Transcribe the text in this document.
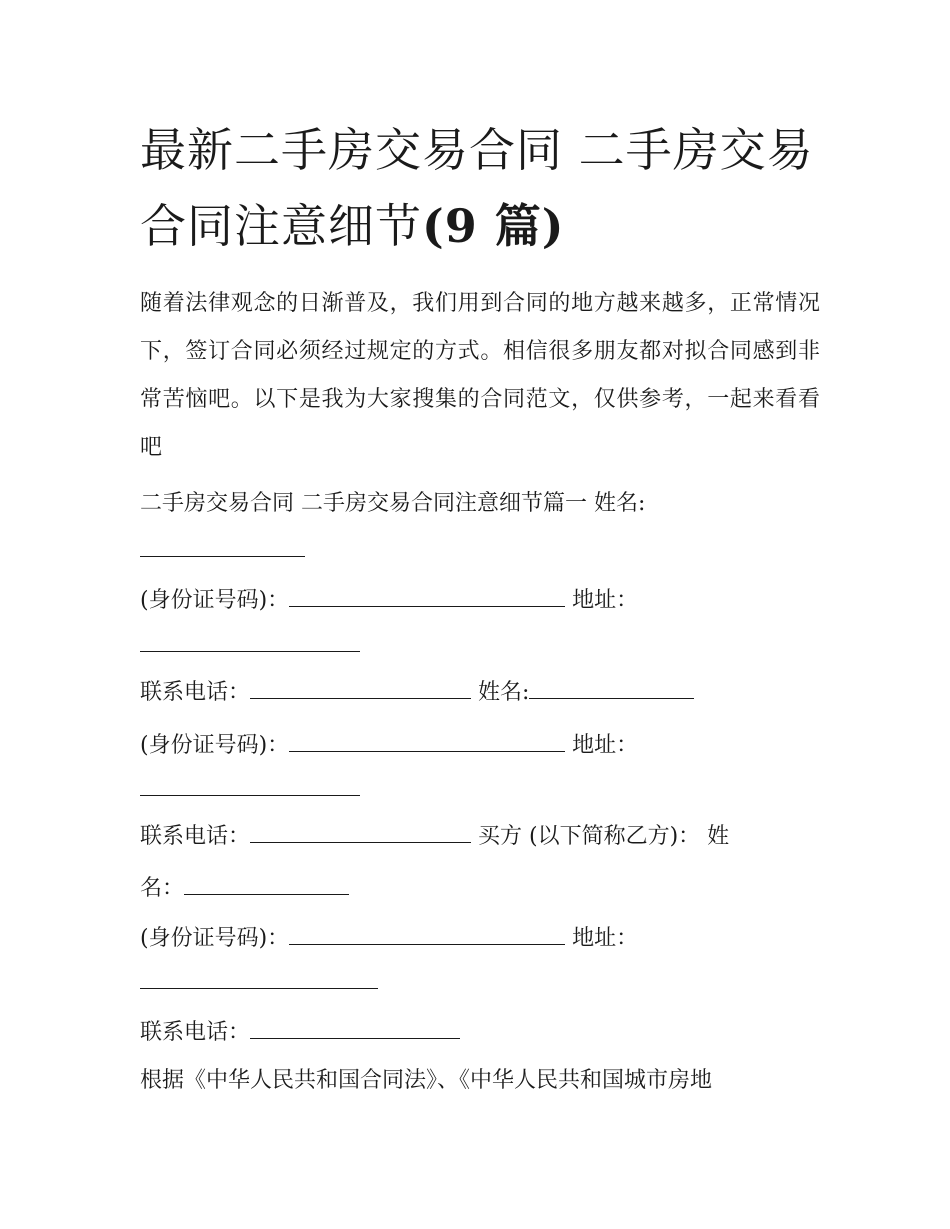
最新二手房交易合同 二手房交易合同注意细节(9 篇)

随着法律观念的日渐普及，我们用到合同的地方越来越多，正常情况下，签订合同必须经过规定的方式。相信很多朋友都对拟合同感到非常苦恼吧。以下是我为大家搜集的合同范文，仅供参考，一起来看看吧

二手房交易合同 二手房交易合同注意细节篇一 姓名:
(身份证号码)：	地址：
联系电话：	姓名:
(身份证号码)：	地址：
联系电话：	买方 (以下简称乙方)： 姓
名：
(身份证号码)：	地址：
联系电话：
根据《中华人民共和国合同法》、《中华人民共和国城市房地
